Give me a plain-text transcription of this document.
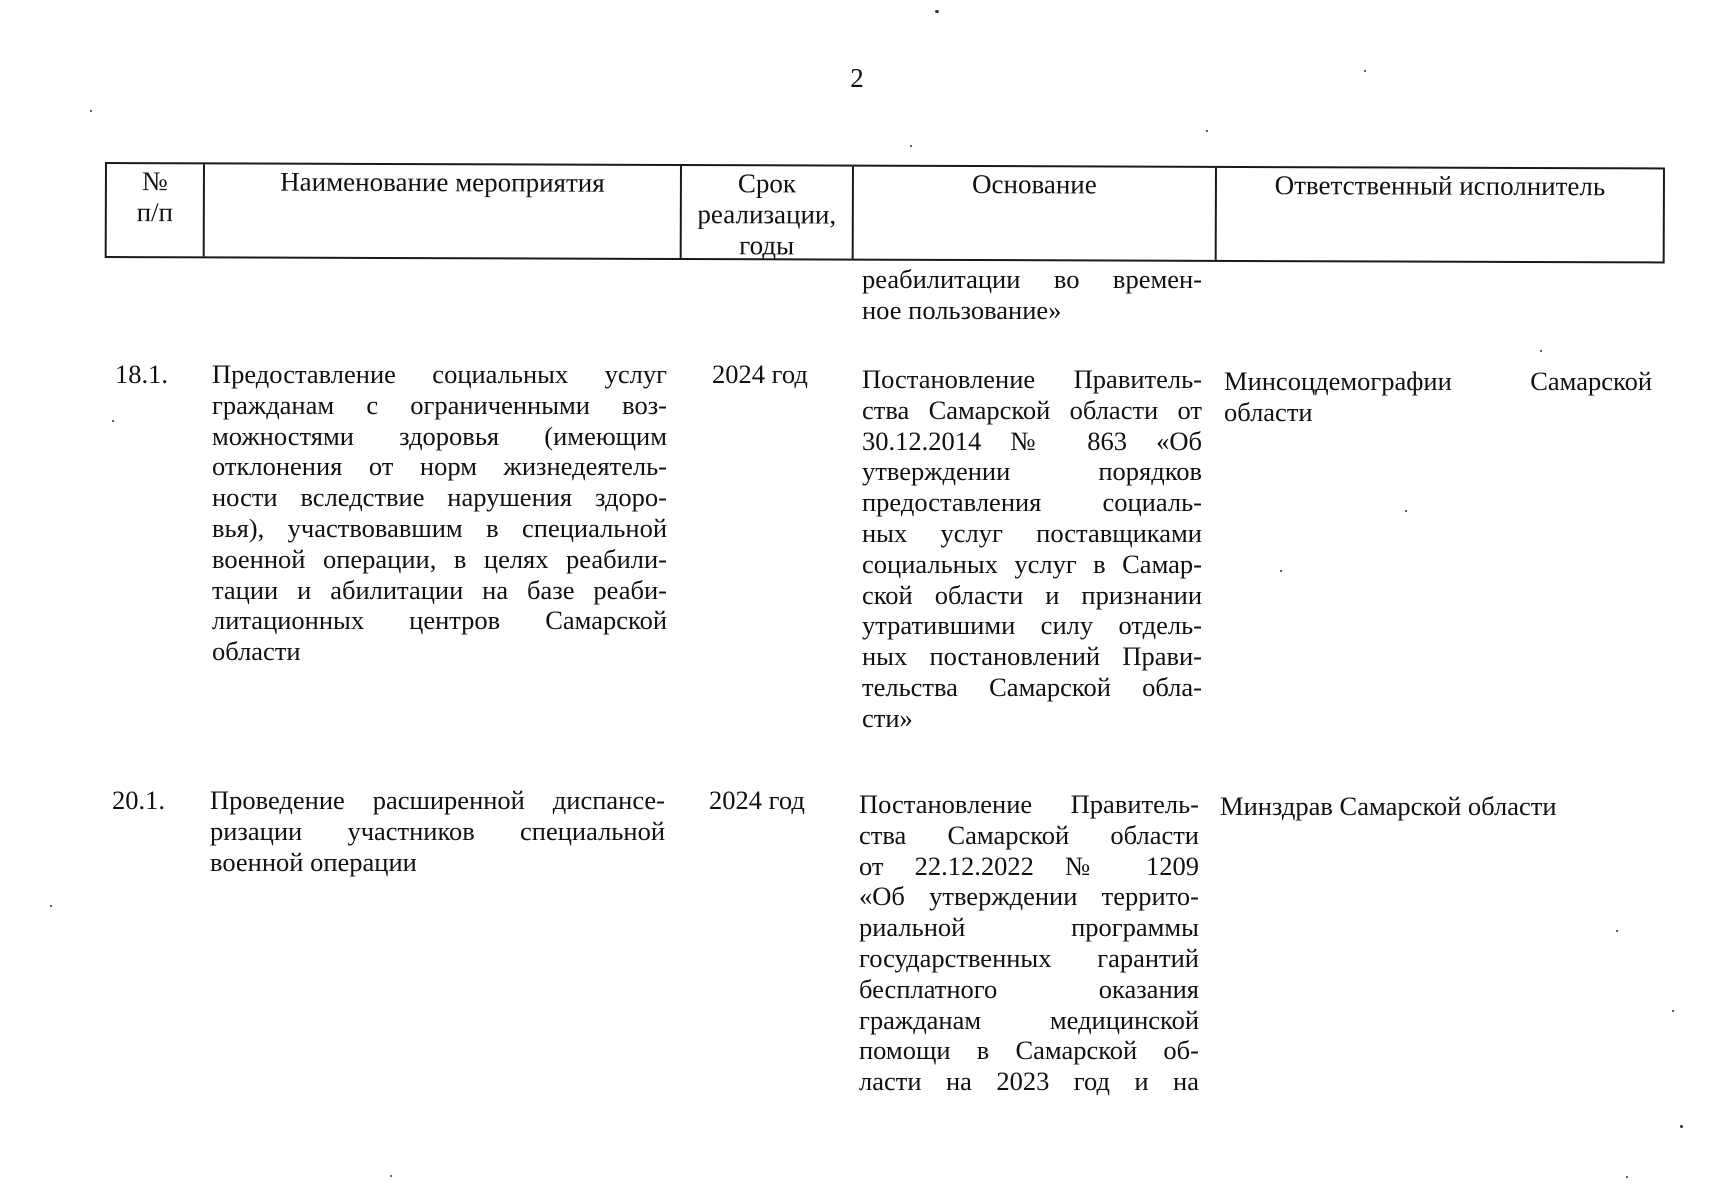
2
№
п/п
Наименование мероприятия	Срок
реализации,
годы
Основание	Ответственный исполнитель
реабилитации во времен-
ное пользование»
18.1. Предоставление социальных услуг
гражданам с ограниченными воз-
можностями здоровья (имеющим
отклонения от норм жизнедеятель-
ности вследствие нарушения здоро-
вья), участвовавшим в специальной
военной операции, в целях реабили-
тации и абилитации на базе реаби-
литационных центров Самарской
области
2024 год Постановление Правитель-
ства Самарской области от
30.12.2014 № 863 «Об
утверждении порядков
предоставления социаль-
ных услуг поставщиками
социальных услуг в Самар-
ской области и признании
утратившими силу отдель-
ных постановлений Прави-
тельства Самарской обла-
сти»
Минсоцдемографии Самарской
области
20.1. Проведение расширенной диспансе-
ризации участников специальной
военной операции
2024 год Постановление Правитель-
ства Самарской области
от 22.12.2022 № 1209
«Об утверждении террито-
риальной программы
государственных гарантий
бесплатного оказания
гражданам медицинской
помощи в Самарской об-
ласти на 2023 год и на
Минздрав Самарской области
